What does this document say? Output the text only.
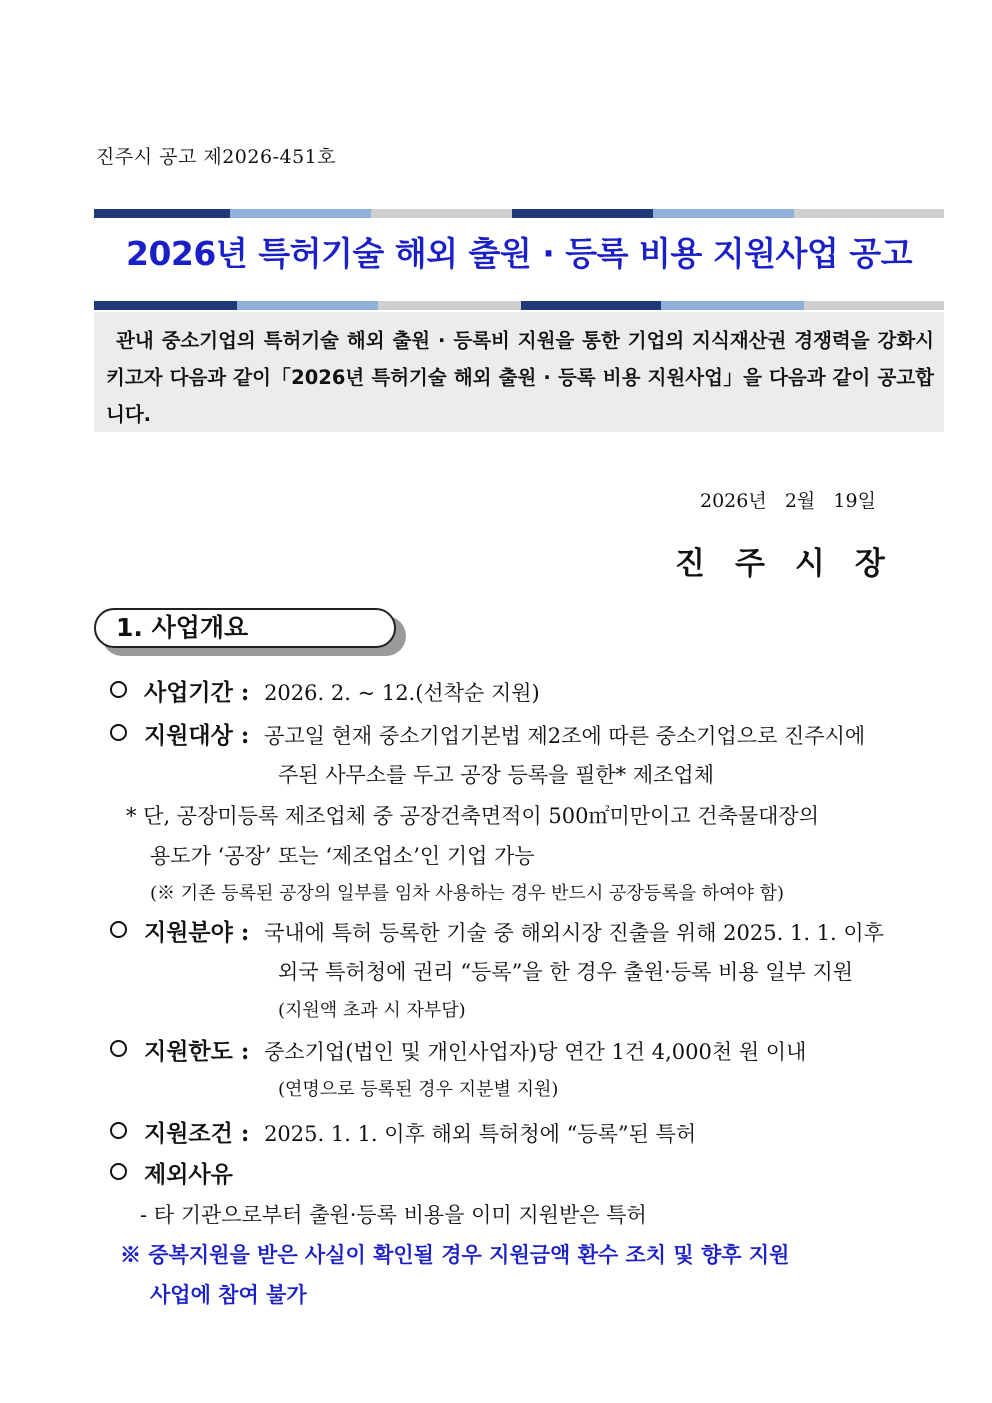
진주시 공고 제2026-451호
2026년 특허기술 해외 출원 · 등록 비용 지원사업 공고
관내 중소기업의 특허기술 해외 출원 · 등록비 지원을 통한 기업의 지식재산권 경쟁력을 강화시키고자 다음과 같이「2026년 특허기술 해외 출원 · 등록 비용 지원사업」을 다음과 같이 공고합니다.
2026년   2월   19일
진주시장
1. 사업개요
사업기간 : 2026. 2. ~ 12.(선착순 지원)
지원대상 : 공고일 현재 중소기업기본법 제2조에 따른 중소기업으로 진주시에
주된 사무소를 두고 공장 등록을 필한* 제조업체
* 단, 공장미등록 제조업체 중 공장건축면적이 500㎡미만이고 건축물대장의
용도가 ‘공장’ 또는 ‘제조업소’인 기업 가능
(※ 기존 등록된 공장의 일부를 임차 사용하는 경우 반드시 공장등록을 하여야 함)
지원분야 : 국내에 특허 등록한 기술 중 해외시장 진출을 위해 2025. 1. 1. 이후
외국 특허청에 권리 “등록”을 한 경우 출원·등록 비용 일부 지원
(지원액 초과 시 자부담)
지원한도 : 중소기업(법인 및 개인사업자)당 연간 1건 4,000천 원 이내
(연명으로 등록된 경우 지분별 지원)
지원조건 : 2025. 1. 1. 이후 해외 특허청에 “등록”된 특허
제외사유
- 타 기관으로부터 출원·등록 비용을 이미 지원받은 특허
※ 중복지원을 받은 사실이 확인될 경우 지원금액 환수 조치 및 향후 지원
사업에 참여 불가
